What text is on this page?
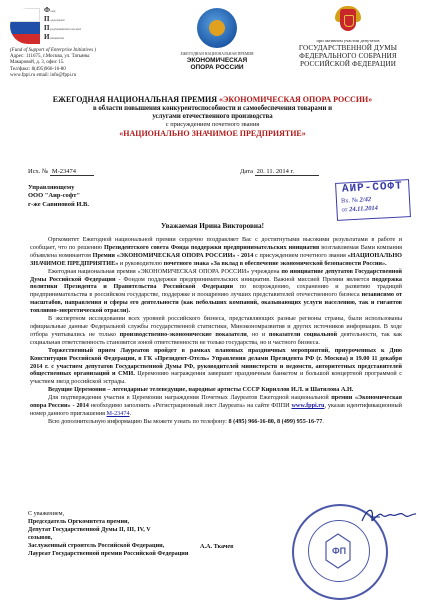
Ф
П
П
И
онд
оддержки
редпринимательских
нициатив
(Fund of Support of Enterprise Initiatives )
Адрес: 111675, г.Москва, ул. Татьяны
Макаровой, д. 3, офис 15.
Тел/факс: 8(495)966-16-80
www.fppi.ru email: info@fppi.ru
ЕЖЕГОДНАЯ НАЦИОНАЛЬНАЯ ПРЕМИЯ
ЭКОНОМИЧЕСКАЯ
ОПОРА РОССИИ
при активном участии депутатов
ГОСУДАРСТВЕННОЙ ДУМЫ
ФЕДЕРАЛЬНОГО СОБРАНИЯ
РОССИЙСКОЙ ФЕДЕРАЦИИ
ЕЖЕГОДНАЯ НАЦИОНАЛЬНАЯ ПРЕМИЯ «ЭКОНОМИЧЕСКАЯ ОПОРА РОССИИ»
в области повышения конкурентоспособности и самообеспечения товарами и
услугами отечественного производства
с присуждением почетного звания
«НАЦИОНАЛЬНО ЗНАЧИМОЕ ПРЕДПРИЯТИЕ»
Исх. № М-23474	Дата 20. 11. 2014 г.
Управляющему
ООО "Аир-софт"
г-же Савиновой И.В.
АИР-СОФТ
Вх. № 2/42
от 24.11.2014
Уважаемая Ирина Викторовна!

Оргкомитет Ежегодной национальной премии сердечно поздравляет Вас с достигнутыми высокими результатами в работе и сообщает, что по решению Президентского совета Фонда поддержки предпринимательских инициатив возглавляемая Вами компания объявлена номинантом Премии «ЭКОНОМИЧЕСКАЯ ОПОРА РОССИИ» - 2014 с присуждением почетного звания «НАЦИОНАЛЬНО ЗНАЧИМОЕ ПРЕДПРИЯТИЕ» и руководителю почетного знака «За вклад в обеспечение экономической безопасности России».

Ежегодная национальная премия «ЭКОНОМИЧЕСКАЯ ОПОРА РОССИИ» учреждена по инициативе депутатов Государственной Думы Российской Федерации - Фондом поддержки предпринимательских инициатив. Важной миссией Премии является поддержка политики Президента и Правительства Российской Федерации по возрождению, сохранению и развитию традиций предпринимательства в российском государстве, поддержке и поощрению лучших представителей отечественного бизнеса независимо от масштабов, направления и сферы его деятельности (как небольших компаний, оказывающих услуги населению, так и гигантов топливно-энергетической отрасли).

В экспертном исследовании всех уровней российского бизнеса, представляющих разные регионы страны, были использованы официальные данные Федеральной службы государственной статистики, Минэкономразвития и других источников информации. В ходе отбора учитывались не только производственно-экономические показатели, но и показатели социальной деятельности, так как социальная ответственность становится зоной ответственности не только государства, но и частного бизнеса.

Торжественный прием Лауреатов пройдет в рамках плановых праздничных мероприятий, приуроченных к Дню Конституции Российской Федерации, в ГК «Президент-Отель» Управления делами Президента РФ (г. Москва) в 19.00 11 декабря 2014 г. с участием депутатов Государственной Думы РФ, руководителей министерств и ведомств, авторитетных представителей общественных организаций и СМИ. Церемонию награждения завершит праздничным банкетом и большой концертной программой с участием звезд российской эстрады.

Ведущие Церемонии – легендарные телеведущие, народные артисты СССР Кириллов И.Л. и Шатилова А.Н.

Для подтверждения участия в Церемонии награждения Почетных Лауреатов Ежегодной национальной премии «Экономическая опора России» - 2014 необходимо заполнить «Регистрационный лист Лауреата» на сайте ФППИ www.fppi.ru, указав идентификационный номер данного приглашения М-23474.

Всю дополнительную информацию Вы можете узнать по телефону: 8 (495) 966-16-80, 8 (499) 955-16-77.

ФП
С уважением,
Председатель Оргкомитета премии,
Депутат Государственной Думы II, III, IV, V
созывов,
Заслуженный строитель Российской Федерации,
Лауреат Государственной премии Российской Федерации
А.А. Ткачев
